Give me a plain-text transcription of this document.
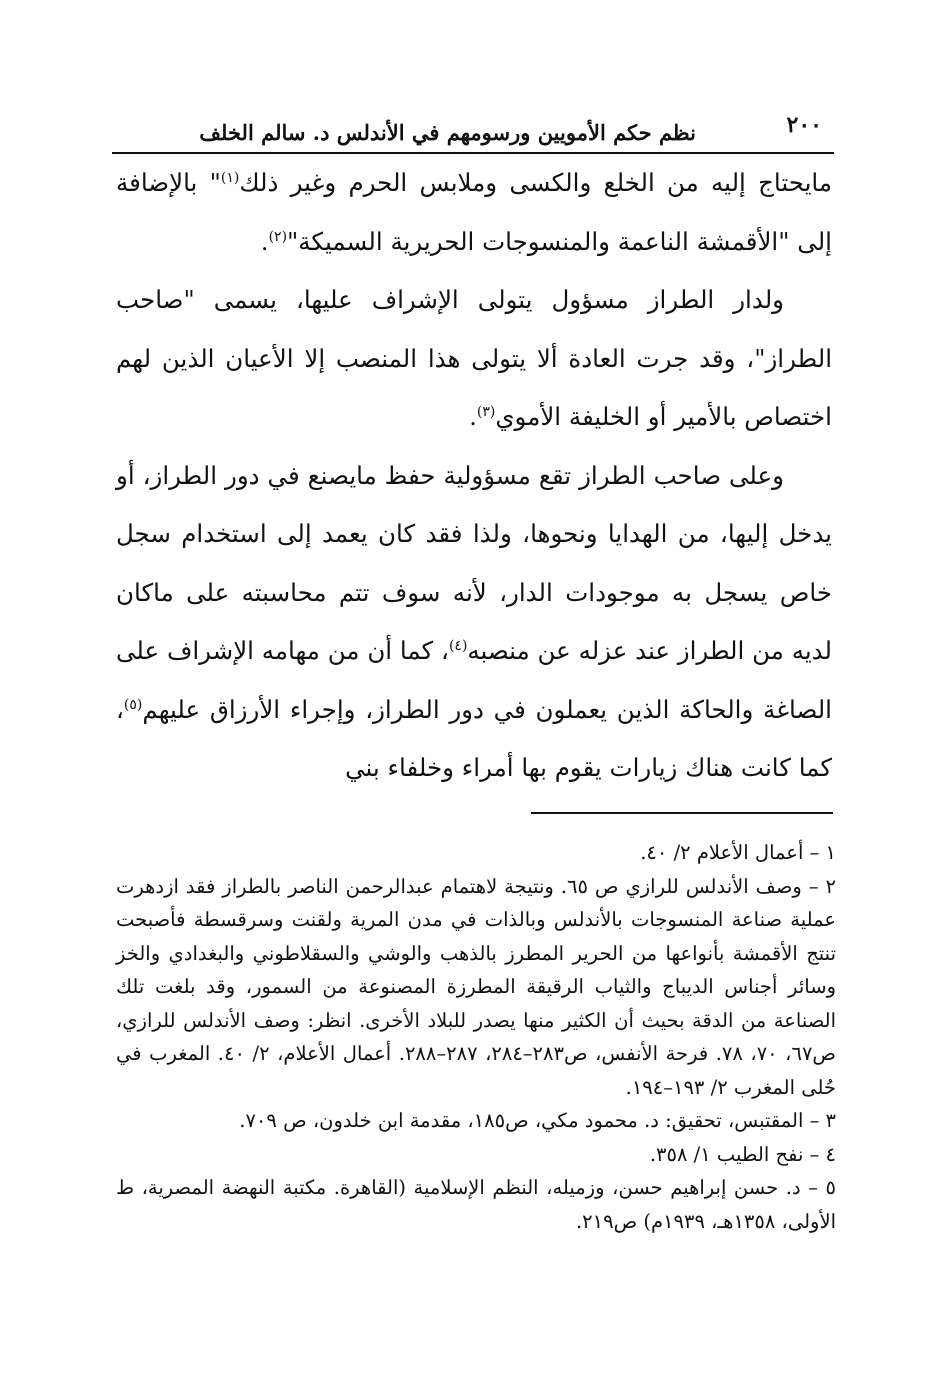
٢٠٠
نظم حكم الأمويين ورسومهم في الأندلس د. سالم الخلف

مايحتاج إليه من الخلع والكسى وملابس الحرم وغير ذلك$^{(١)}$" بالإضافة إلى "الأقمشة الناعمة والمنسوجات الحريرية السميكة"$^{(٢)}$.

ولدار الطراز مسؤول يتولى الإشراف عليها، يسمى "صاحب الطراز"، وقد جرت العادة ألا يتولى هذا المنصب إلا الأعيان الذين لهم اختصاص بالأمير أو الخليفة الأموي$^{(٣)}$.

وعلى صاحب الطراز تقع مسؤولية حفظ مايصنع في دور الطراز، أو يدخل إليها، من الهدايا ونحوها، ولذا فقد كان يعمد إلى استخدام سجل خاص يسجل به موجودات الدار، لأنه سوف تتم محاسبته على ماكان لديه من الطراز عند عزله عن منصبه$^{(٤)}$، كما أن من مهامه الإشراف على الصاغة والحاكة الذين يعملون في دور الطراز، وإجراء الأرزاق عليهم$^{(٥)}$، كما كانت هناك زيارات يقوم بها أمراء وخلفاء بني

١ – أعمال الأعلام ٢/ ٤٠.

٢ – وصف الأندلس للرازي ص ٦٥. ونتيجة لاهتمام عبدالرحمن الناصر بالطراز فقد ازدهرت عملية صناعة المنسوجات بالأندلس وبالذات في مدن المرية ولقنت وسرقسطة فأصبحت تنتج الأقمشة بأنواعها من الحرير المطرز بالذهب والوشي والسقلاطوني والبغدادي والخز وسائر أجناس الديباج والثياب الرقيقة المطرزة المصنوعة من السمور، وقد بلغت تلك الصناعة من الدقة بحيث أن الكثير منها يصدر للبلاد الأخرى. انظر: وصف الأندلس للرازي، ص٦٧، ٧٠، ٧٨. فرحة الأنفس، ص٢٨٣–٢٨٤، ٢٨٧–٢٨٨. أعمال الأعلام، ٢/ ٤٠. المغرب في حُلى المغرب ٢/ ١٩٣–١٩٤.

٣ – المقتبس، تحقيق: د. محمود مكي، ص١٨٥، مقدمة ابن خلدون، ص ٧٠٩.

٤ – نفح الطيب ١/ ٣٥٨.

٥ – د. حسن إبراهيم حسن، وزميله، النظم الإسلامية (القاهرة. مكتبة النهضة المصرية، ط الأولى، ١٣٥٨هـ، ١٩٣٩م) ص٢١٩.
